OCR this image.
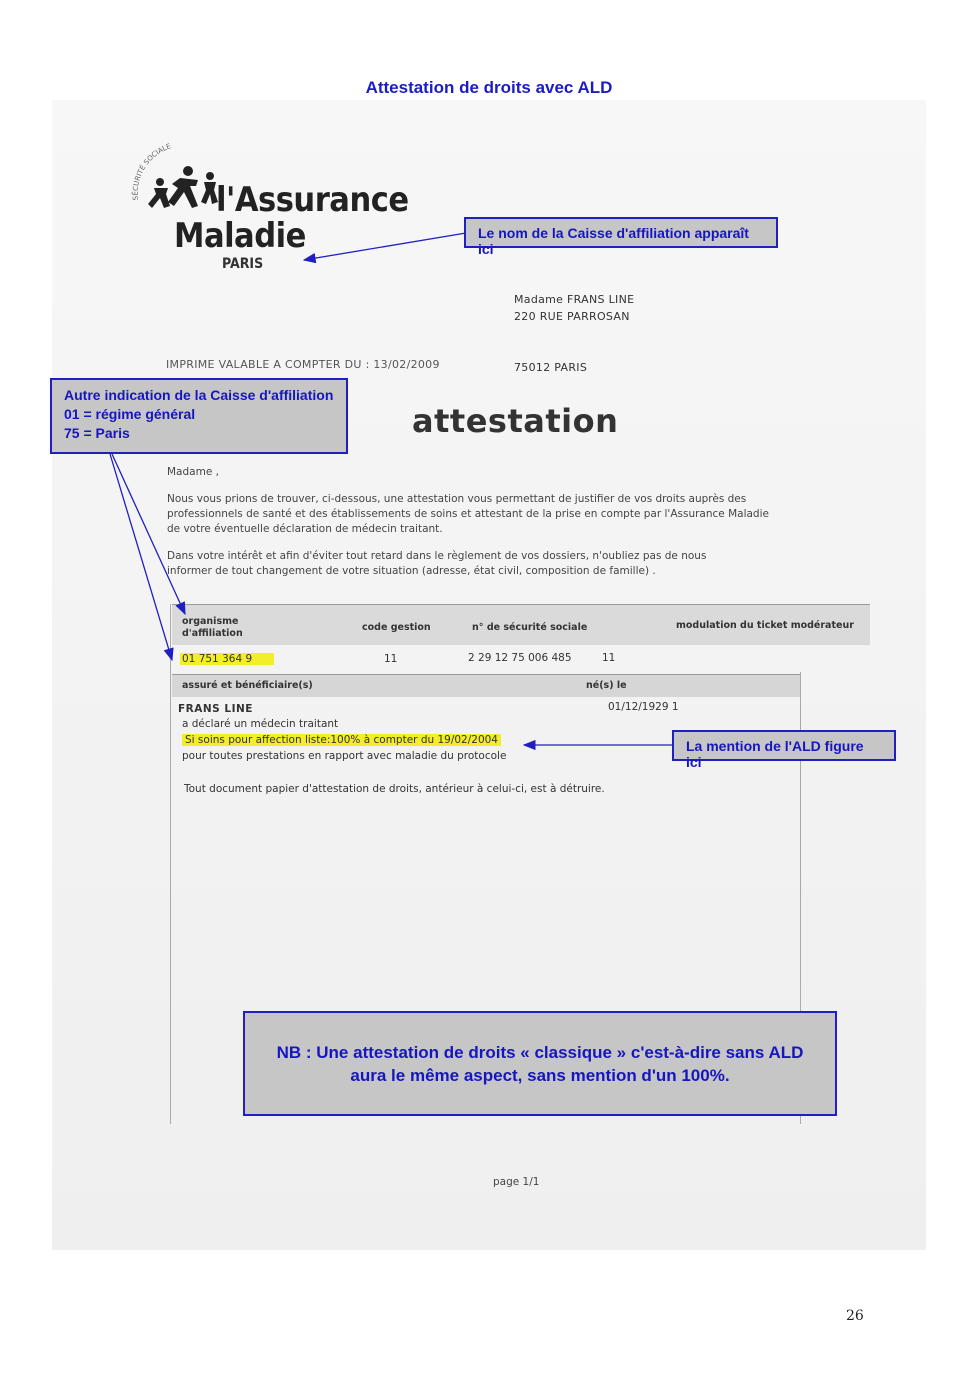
Attestation de droits avec ALD
SÉCURITÉ SOCIALE
l'Assurance
Maladie
PARIS
Le nom de la Caisse d'affiliation apparaît ici
Madame FRANS LINE
220 RUE PARROSAN
75012 PARIS
IMPRIME VALABLE A COMPTER DU : 13/02/2009
Autre indication de la Caisse d'affiliation
01 = régime général
75 = Paris	attestation
Madame ,
Nous vous prions de trouver, ci-dessous, une attestation vous permettant de justifier de vos droits auprès des
professionnels de santé et des établissements de soins et attestant de la prise en compte par l'Assurance Maladie
de votre éventuelle déclaration de médecin traitant.
Dans votre intérêt et afin d'éviter tout retard dans le règlement de vos dossiers, n'oubliez pas de nous
informer de tout changement de votre situation (adresse, état civil, composition de famille) .
organisme
d'affiliation
code gestion	n° de sécurité sociale	modulation du ticket modérateur
01 751 364 9	11	2 29 12 75 006 485	11
assuré et bénéficiaire(s)	né(s) le
FRANS LINE	01/12/1929 1
a déclaré un médecin traitant
Si soins pour affection liste:100% à compter du 19/02/2004
pour toutes prestations en rapport avec maladie du protocole
Tout document papier d'attestation de droits, antérieur à celui-ci, est à détruire.
La mention de l'ALD figure ici
NB : Une attestation de droits « classique » c'est-à-dire sans ALD
aura le même aspect, sans mention d'un 100%.
page 1/1
26
